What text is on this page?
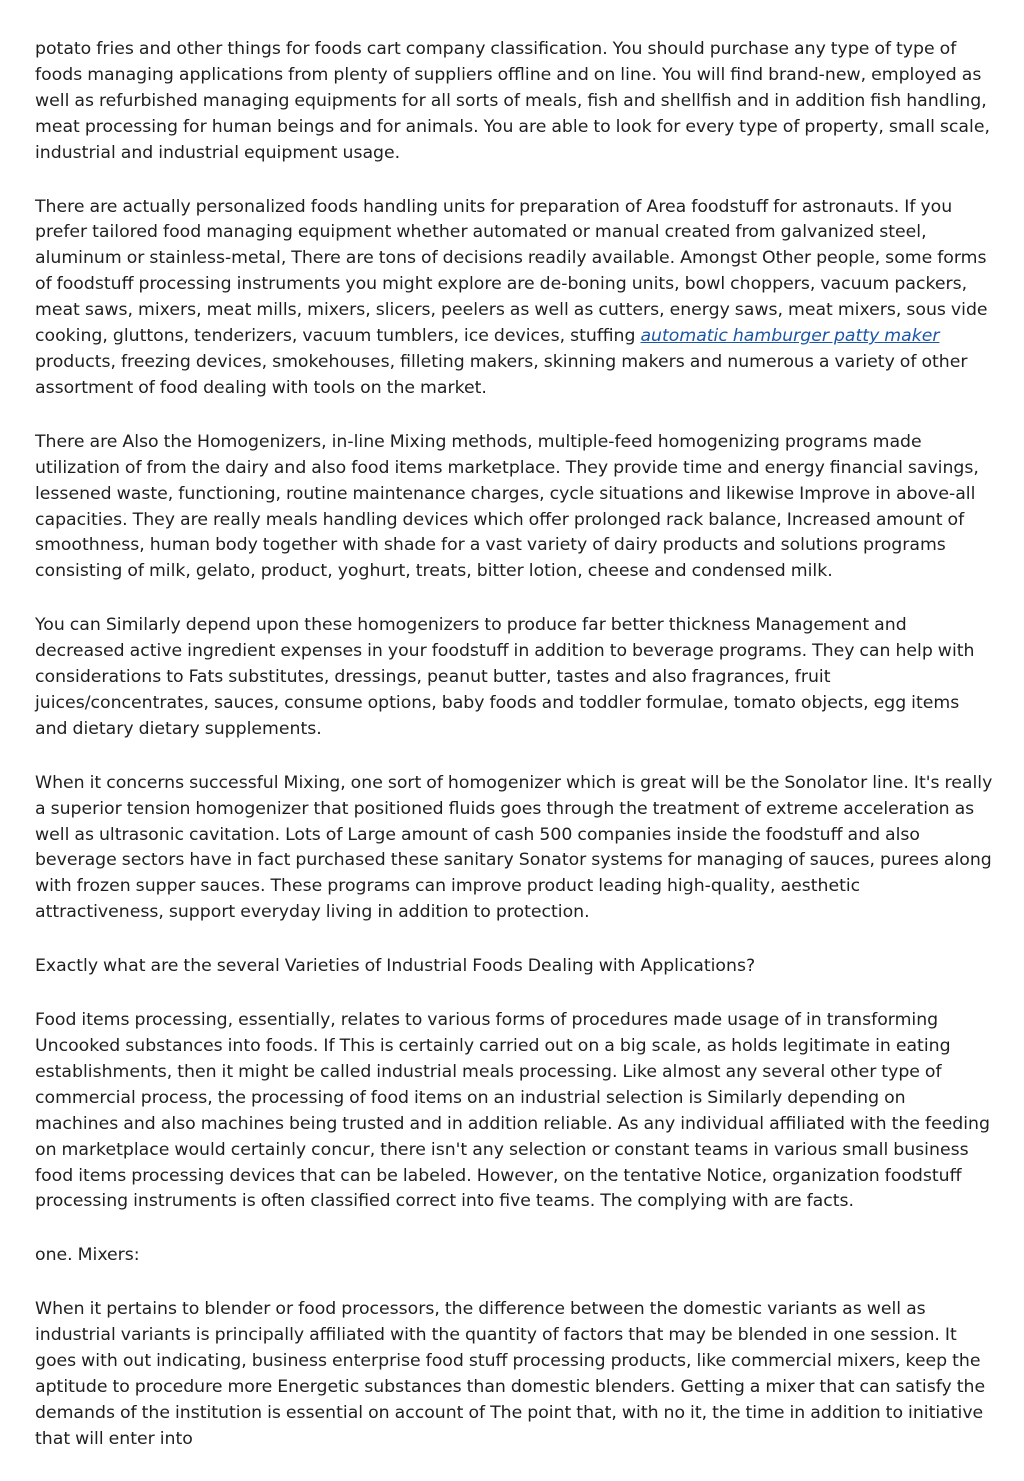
potato fries and other things for foods cart company classification. You should purchase any type of type of foods managing applications from plenty of suppliers offline and on line. You will find brand-new, employed as well as refurbished managing equipments for all sorts of meals, fish and shellfish and in addition fish handling, meat processing for human beings and for animals. You are able to look for every type of property, small scale, industrial and industrial equipment usage.

There are actually personalized foods handling units for preparation of Area foodstuff for astronauts. If you prefer tailored food managing equipment whether automated or manual created from galvanized steel, aluminum or stainless-metal, There are tons of decisions readily available. Amongst Other people, some forms of foodstuff processing instruments you might explore are de-boning units, bowl choppers, vacuum packers, meat saws, mixers, meat mills, mixers, slicers, peelers as well as cutters, energy saws, meat mixers, sous vide cooking, gluttons, tenderizers, vacuum tumblers, ice devices, stuffing automatic hamburger patty maker products, freezing devices, smokehouses, filleting makers, skinning makers and numerous a variety of other assortment of food dealing with tools on the market.

There are Also the Homogenizers, in-line Mixing methods, multiple-feed homogenizing programs made utilization of from the dairy and also food items marketplace. They provide time and energy financial savings, lessened waste, functioning, routine maintenance charges, cycle situations and likewise Improve in above-all capacities. They are really meals handling devices which offer prolonged rack balance, Increased amount of smoothness, human body together with shade for a vast variety of dairy products and solutions programs consisting of milk, gelato, product, yoghurt, treats, bitter lotion, cheese and condensed milk.

You can Similarly depend upon these homogenizers to produce far better thickness Management and decreased active ingredient expenses in your foodstuff in addition to beverage programs. They can help with considerations to Fats substitutes, dressings, peanut butter, tastes and also fragrances, fruit juices/concentrates, sauces, consume options, baby foods and toddler formulae, tomato objects, egg items and dietary dietary supplements.

When it concerns successful Mixing, one sort of homogenizer which is great will be the Sonolator line. It's really a superior tension homogenizer that positioned fluids goes through the treatment of extreme acceleration as well as ultrasonic cavitation. Lots of Large amount of cash 500 companies inside the foodstuff and also beverage sectors have in fact purchased these sanitary Sonator systems for managing of sauces, purees along with frozen supper sauces. These programs can improve product leading high-quality, aesthetic attractiveness, support everyday living in addition to protection.

Exactly what are the several Varieties of Industrial Foods Dealing with Applications?

Food items processing, essentially, relates to various forms of procedures made usage of in transforming Uncooked substances into foods. If This is certainly carried out on a big scale, as holds legitimate in eating establishments, then it might be called industrial meals processing. Like almost any several other type of commercial process, the processing of food items on an industrial selection is Similarly depending on machines and also machines being trusted and in addition reliable. As any individual affiliated with the feeding on marketplace would certainly concur, there isn't any selection or constant teams in various small business food items processing devices that can be labeled. However, on the tentative Notice, organization foodstuff processing instruments is often classified correct into five teams. The complying with are facts.

one. Mixers:

When it pertains to blender or food processors, the difference between the domestic variants as well as industrial variants is principally affiliated with the quantity of factors that may be blended in one session. It goes with out indicating, business enterprise food stuff processing products, like commercial mixers, keep the aptitude to procedure more Energetic substances than domestic blenders. Getting a mixer that can satisfy the demands of the institution is essential on account of The point that, with no it, the time in addition to initiative that will enter into
